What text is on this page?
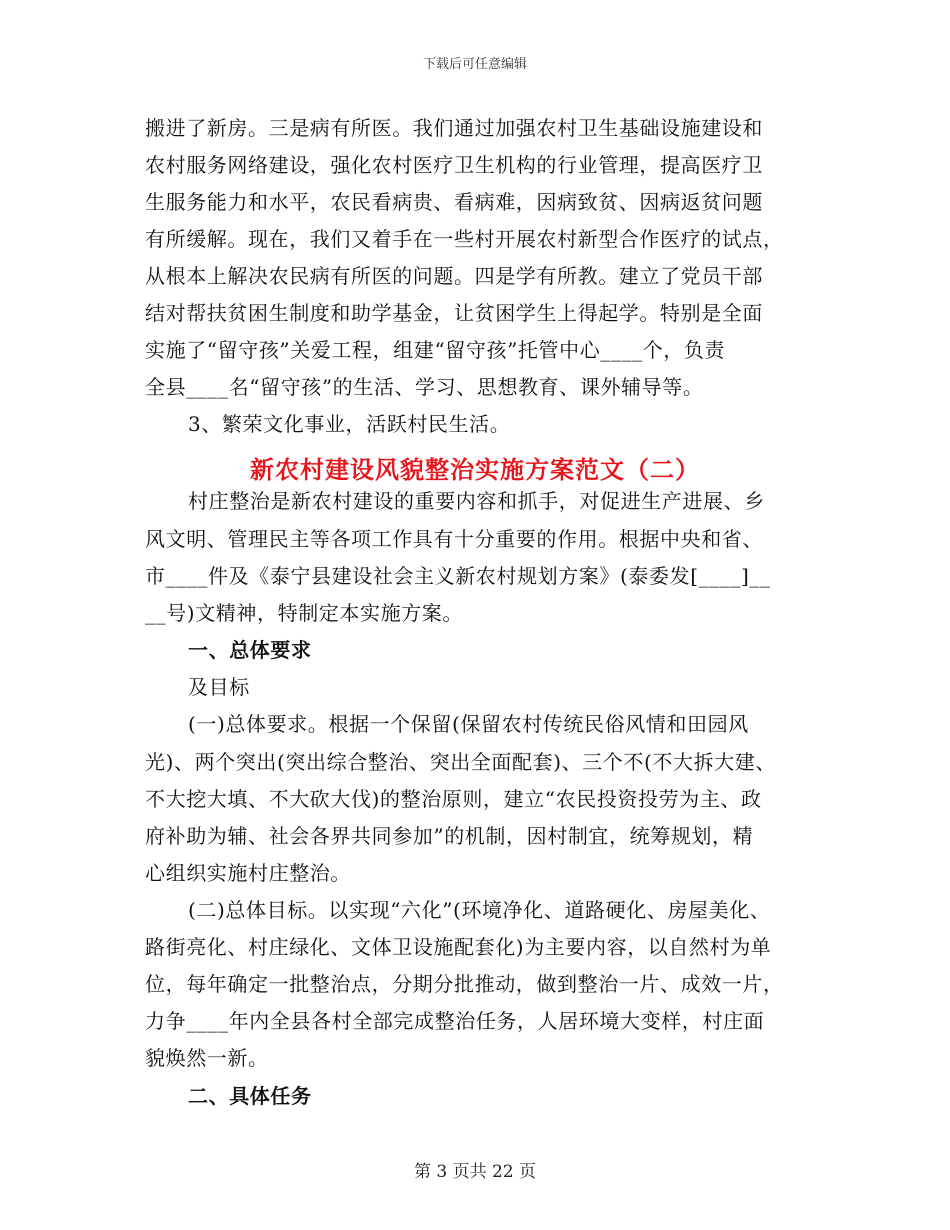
下载后可任意编辑
搬进了新房。三是病有所医。我们通过加强农村卫生基础设施建设和
农村服务网络建设，强化农村医疗卫生机构的行业管理，提高医疗卫
生服务能力和水平，农民看病贵、看病难，因病致贫、因病返贫问题
有所缓解。现在，我们又着手在一些村开展农村新型合作医疗的试点，
从根本上解决农民病有所医的问题。四是学有所教。建立了党员干部
结对帮扶贫困生制度和助学基金，让贫困学生上得起学。特别是全面
实施了“留守孩”关爱工程，组建“留守孩”托管中心____个，负责
全县____名“留守孩”的生活、学习、思想教育、课外辅导等。
3、繁荣文化事业，活跃村民生活。
新农村建设风貌整治实施方案范文（二）
村庄整治是新农村建设的重要内容和抓手，对促进生产进展、乡
风文明、管理民主等各项工作具有十分重要的作用。根据中央和省、
市____件及《泰宁县建设社会主义新农村规划方案》(泰委发[____]__
__号)文精神，特制定本实施方案。
一、总体要求
及目标
(一)总体要求。根据一个保留(保留农村传统民俗风情和田园风
光)、两个突出(突出综合整治、突出全面配套)、三个不(不大拆大建、
不大挖大填、不大砍大伐)的整治原则，建立“农民投资投劳为主、政
府补助为辅、社会各界共同参加”的机制，因村制宜，统筹规划，精
心组织实施村庄整治。
(二)总体目标。以实现“六化”(环境净化、道路硬化、房屋美化、
路街亮化、村庄绿化、文体卫设施配套化)为主要内容，以自然村为单
位，每年确定一批整治点，分期分批推动，做到整治一片、成效一片，
力争____年内全县各村全部完成整治任务，人居环境大变样，村庄面
貌焕然一新。
二、具体任务
第 3 页共 22 页
